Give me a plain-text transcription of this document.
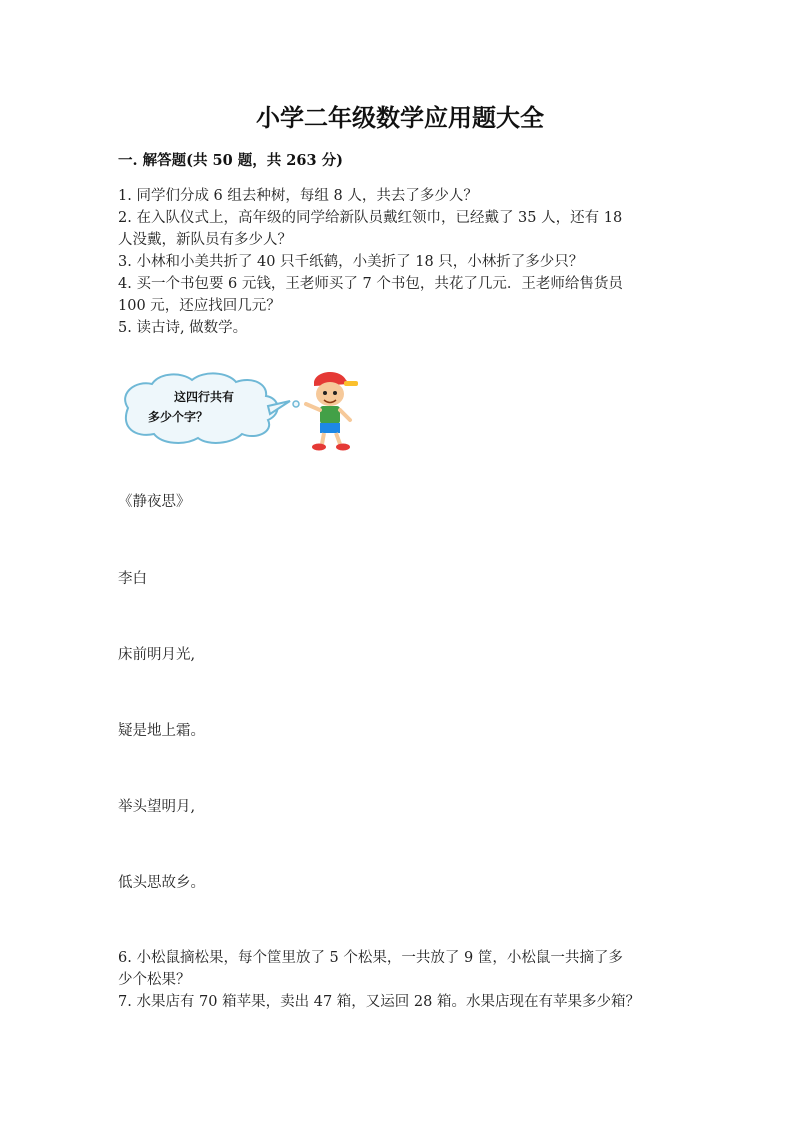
小学二年级数学应用题大全
一. 解答题(共 50 题，共 263 分)
1. 同学们分成 6 组去种树，每组 8 人，共去了多少人？
2. 在入队仪式上，高年级的同学给新队员戴红领巾，已经戴了 35 人，还有 18
人没戴，新队员有多少人？
3. 小林和小美共折了 40 只千纸鹤，小美折了 18 只，小林折了多少只？
4. 买一个书包要 6 元钱，王老师买了 7 个书包，共花了几元．王老师给售货员
100 元，还应找回几元？
5. 读古诗, 做数学。
这四行共有
多少个字？
《静夜思》
李白
床前明月光,
疑是地上霜。
举头望明月,
低头思故乡。
6. 小松鼠摘松果，每个筐里放了 5 个松果，一共放了 9 筐，小松鼠一共摘了多
少个松果？
7. 水果店有 70 箱苹果，卖出 47 箱，又运回 28 箱。水果店现在有苹果多少箱？
